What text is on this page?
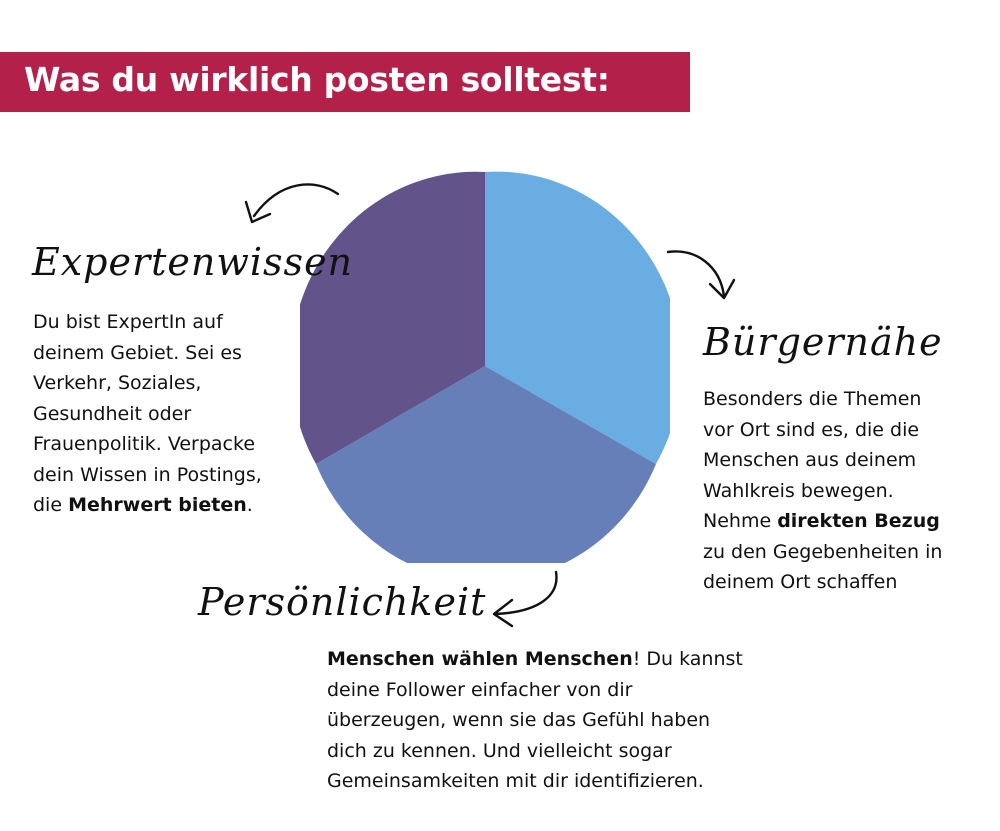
Was du wirklich posten solltest:
Expertenwissen
Bürgernähe
Persönlichkeit
Du bist ExpertIn auf
deinem Gebiet. Sei es
Verkehr, Soziales,
Gesundheit oder
Frauenpolitik. Verpacke
dein Wissen in Postings,
die Mehrwert bieten.
Besonders die Themen
vor Ort sind es, die die
Menschen aus deinem
Wahlkreis bewegen.
Nehme direkten Bezug
zu den Gegebenheiten in
deinem Ort schaffen
Menschen wählen Menschen! Du kannst
deine Follower einfacher von dir
überzeugen, wenn sie das Gefühl haben
dich zu kennen. Und vielleicht sogar
Gemeinsamkeiten mit dir identifizieren.
